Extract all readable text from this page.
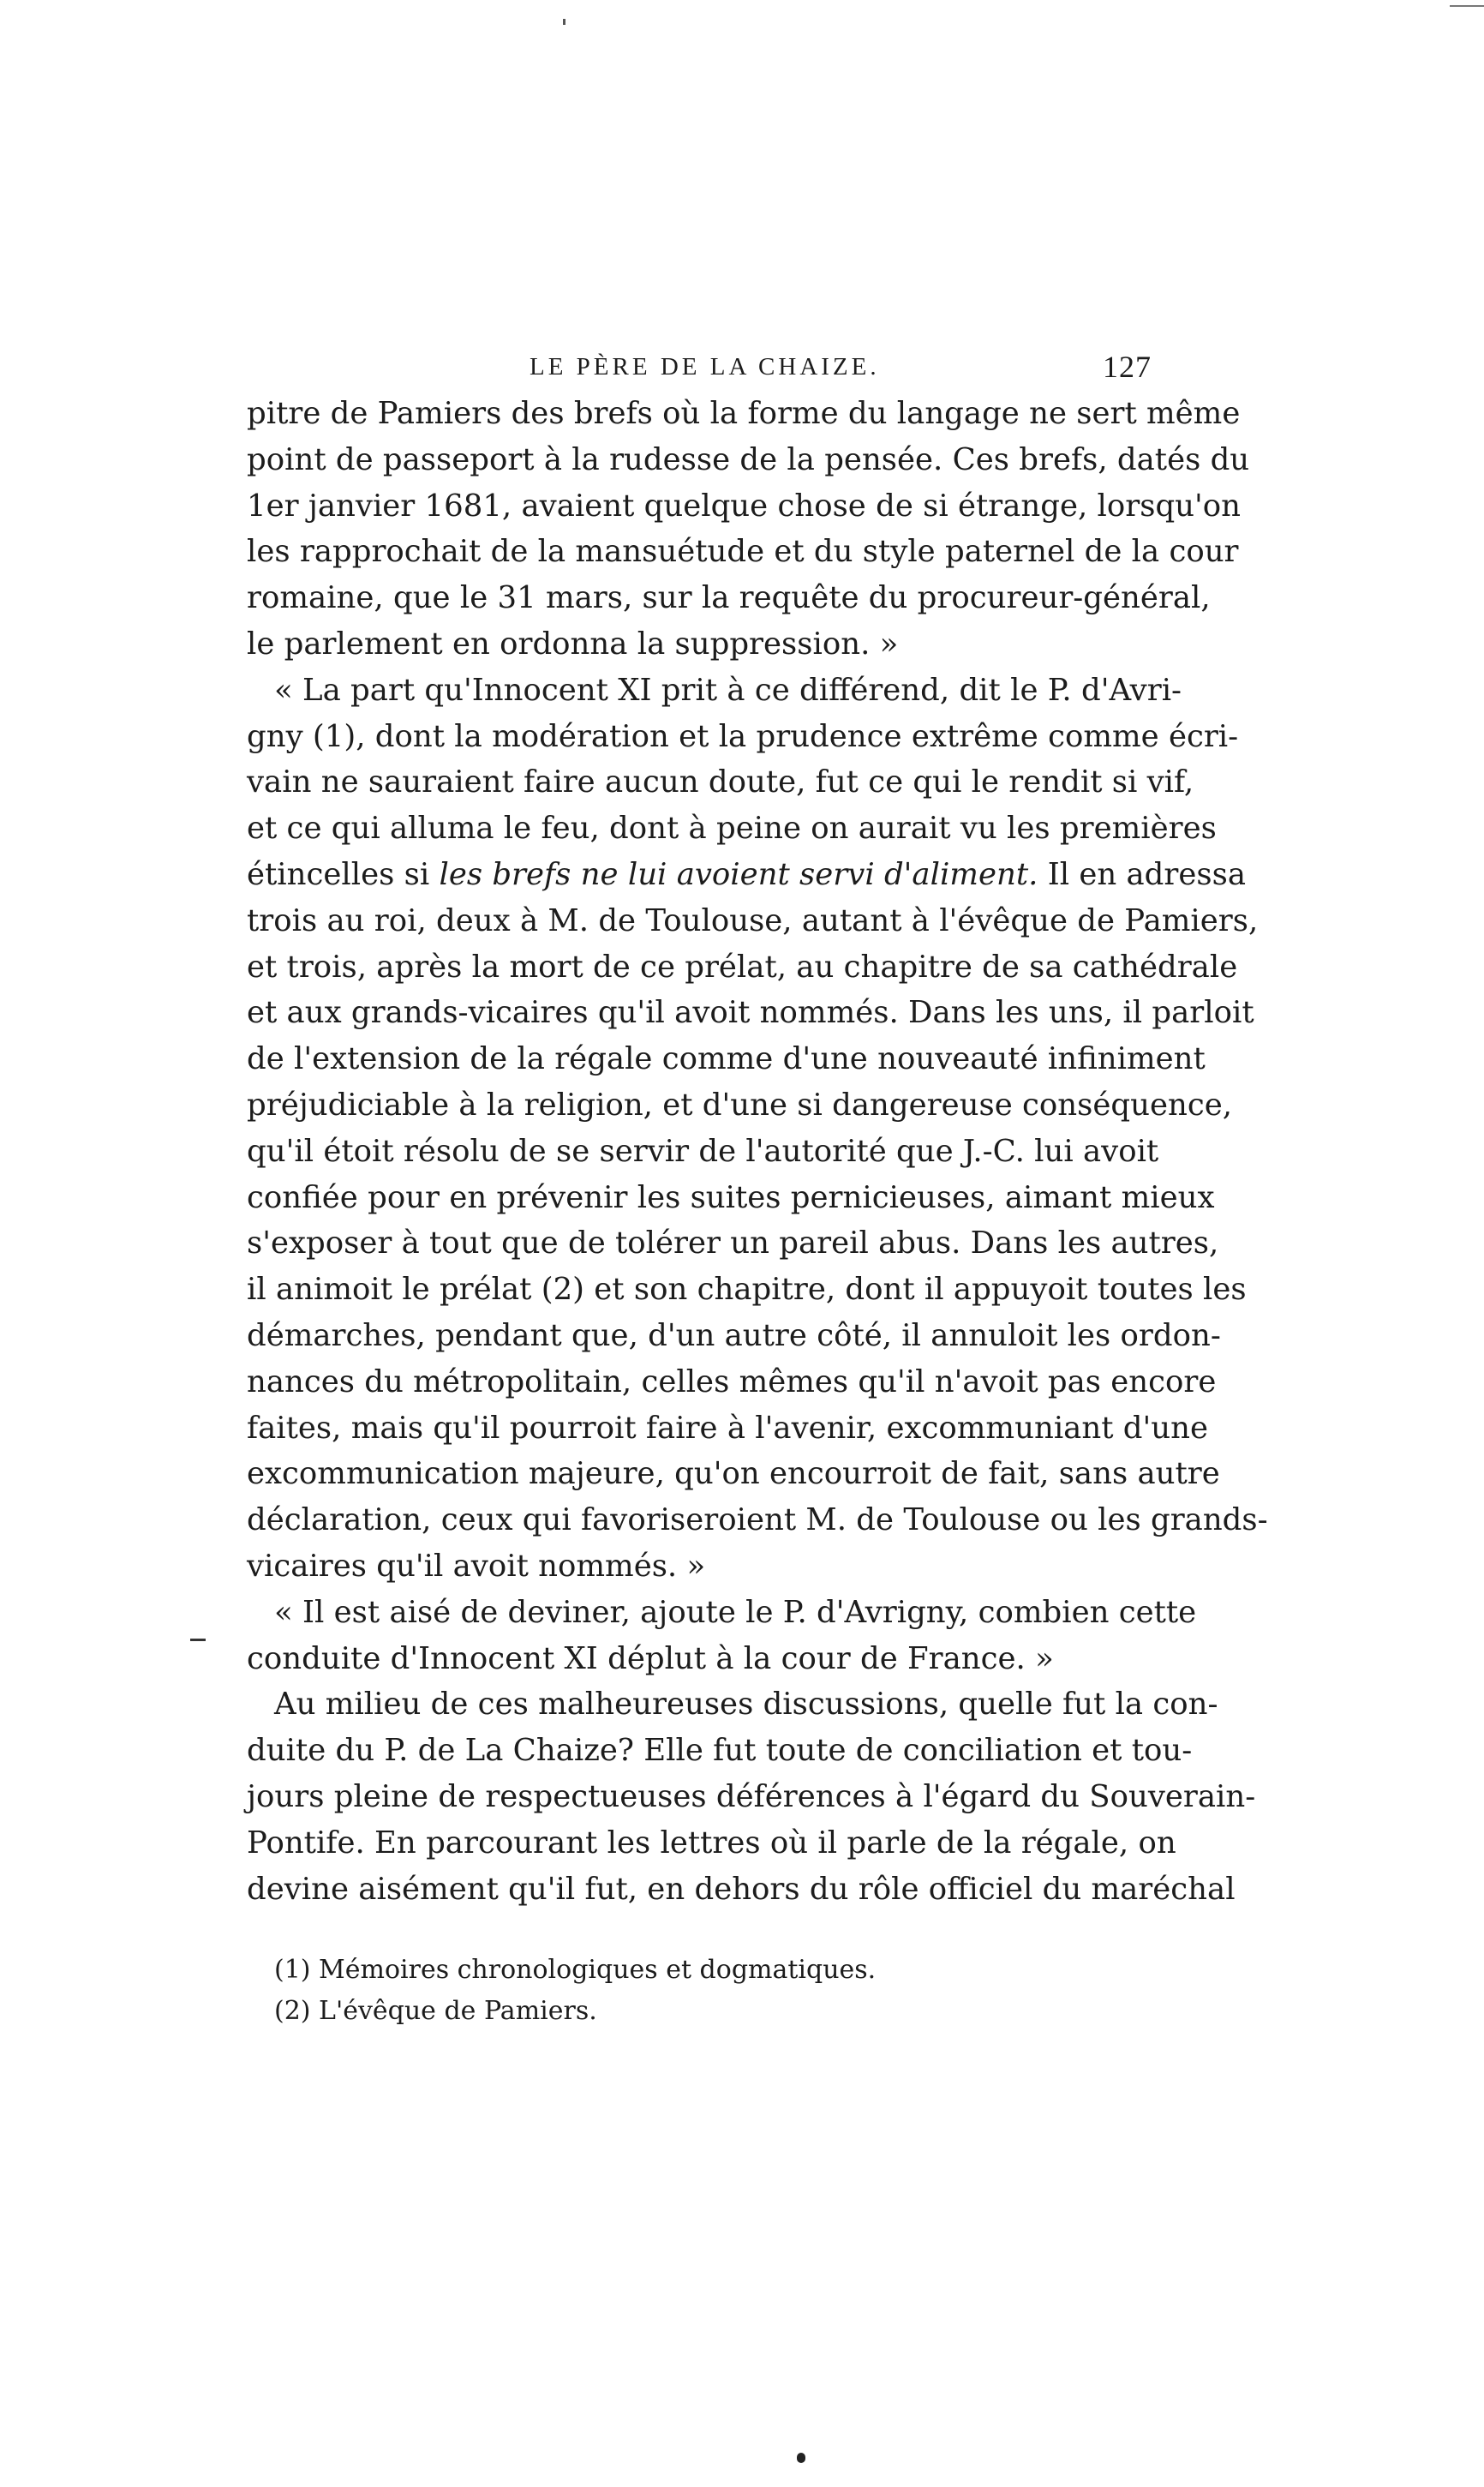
LE PÈRE DE LA CHAIZE.	127
pitre de Pamiers des brefs où la forme du langage ne sert même
point de passeport à la rudesse de la pensée. Ces brefs, datés du
1er janvier 1681, avaient quelque chose de si étrange, lorsqu'on
les rapprochait de la mansuétude et du style paternel de la cour
romaine, que le 31 mars, sur la requête du procureur-général,
le parlement en ordonna la suppression. »
« La part qu'Innocent XI prit à ce différend, dit le P. d'Avri-
gny (1), dont la modération et la prudence extrême comme écri-
vain ne sauraient faire aucun doute, fut ce qui le rendit si vif,
et ce qui alluma le feu, dont à peine on aurait vu les premières
étincelles si les brefs ne lui avoient servi d'aliment. Il en adressa
trois au roi, deux à M. de Toulouse, autant à l'évêque de Pamiers,
et trois, après la mort de ce prélat, au chapitre de sa cathédrale
et aux grands-vicaires qu'il avoit nommés. Dans les uns, il parloit
de l'extension de la régale comme d'une nouveauté infiniment
préjudiciable à la religion, et d'une si dangereuse conséquence,
qu'il étoit résolu de se servir de l'autorité que J.-C. lui avoit
confiée pour en prévenir les suites pernicieuses, aimant mieux
s'exposer à tout que de tolérer un pareil abus. Dans les autres,
il animoit le prélat (2) et son chapitre, dont il appuyoit toutes les
démarches, pendant que, d'un autre côté, il annuloit les ordon-
nances du métropolitain, celles mêmes qu'il n'avoit pas encore
faites, mais qu'il pourroit faire à l'avenir, excommuniant d'une
excommunication majeure, qu'on encourroit de fait, sans autre
déclaration, ceux qui favoriseroient M. de Toulouse ou les grands-
vicaires qu'il avoit nommés. »
« Il est aisé de deviner, ajoute le P. d'Avrigny, combien cette
conduite d'Innocent XI déplut à la cour de France. »
Au milieu de ces malheureuses discussions, quelle fut la con-
duite du P. de La Chaize? Elle fut toute de conciliation et tou-
jours pleine de respectueuses déférences à l'égard du Souverain-
Pontife. En parcourant les lettres où il parle de la régale, on
devine aisément qu'il fut, en dehors du rôle officiel du maréchal
(1) Mémoires chronologiques et dogmatiques.
(2) L'évêque de Pamiers.
